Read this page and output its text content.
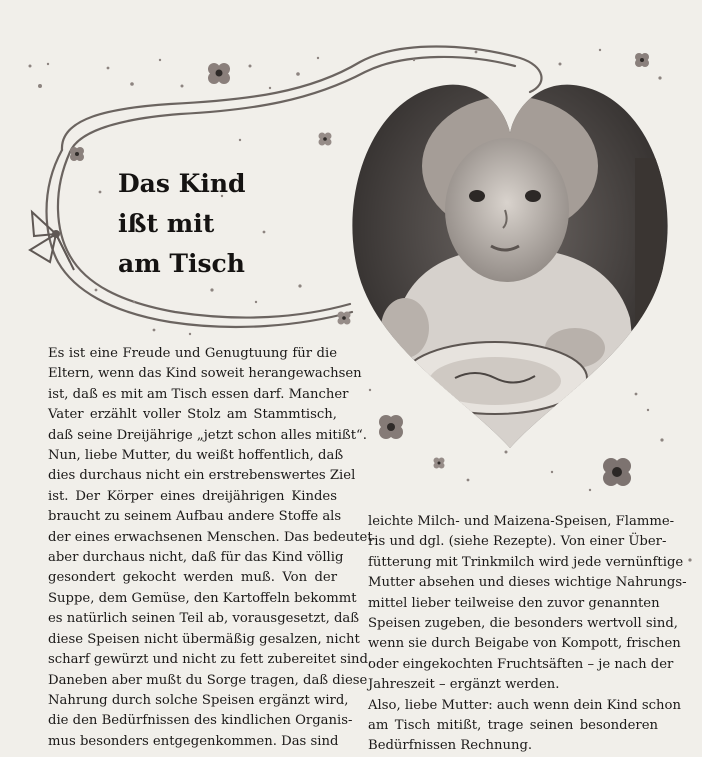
Das Kind
ißt mit
am Tisch
Es ist eine Freude und Genugtuung für die
Eltern, wenn das Kind soweit herangewachsen
ist, daß es mit am Tisch essen darf. Mancher
Vater erzählt voller Stolz am Stammtisch,
daß seine Dreijährige „jetzt schon alles mitißt“.
Nun, liebe Mutter, du weißt hoffentlich, daß
dies durchaus nicht ein erstrebenswertes Ziel
ist. Der Körper eines dreijährigen Kindes
braucht zu seinem Aufbau andere Stoffe als
der eines erwachsenen Menschen. Das bedeutet
aber durchaus nicht, daß für das Kind völlig
gesondert gekocht werden muß. Von der
Suppe, dem Gemüse, den Kartoffeln bekommt
es natürlich seinen Teil ab, vorausgesetzt, daß
diese Speisen nicht übermäßig gesalzen, nicht
scharf gewürzt und nicht zu fett zubereitet sind.
Daneben aber mußt du Sorge tragen, daß diese
Nahrung durch solche Speisen ergänzt wird,
die den Bedürfnissen des kindlichen Organis-
mus besonders entgegenkommen. Das sind
leichte Milch- und Maizena-Speisen, Flamme-
ris und dgl. (siehe Rezepte). Von einer Über-
fütterung mit Trinkmilch wird jede vernünftige
Mutter absehen und dieses wichtige Nahrungs-
mittel lieber teilweise den zuvor genannten
Speisen zugeben, die besonders wertvoll sind,
wenn sie durch Beigabe von Kompott, frischen
oder eingekochten Fruchtsäften – je nach der
Jahreszeit – ergänzt werden.
Also, liebe Mutter: auch wenn dein Kind schon
am Tisch mitißt, trage seinen besonderen
Bedürfnissen Rechnung.
